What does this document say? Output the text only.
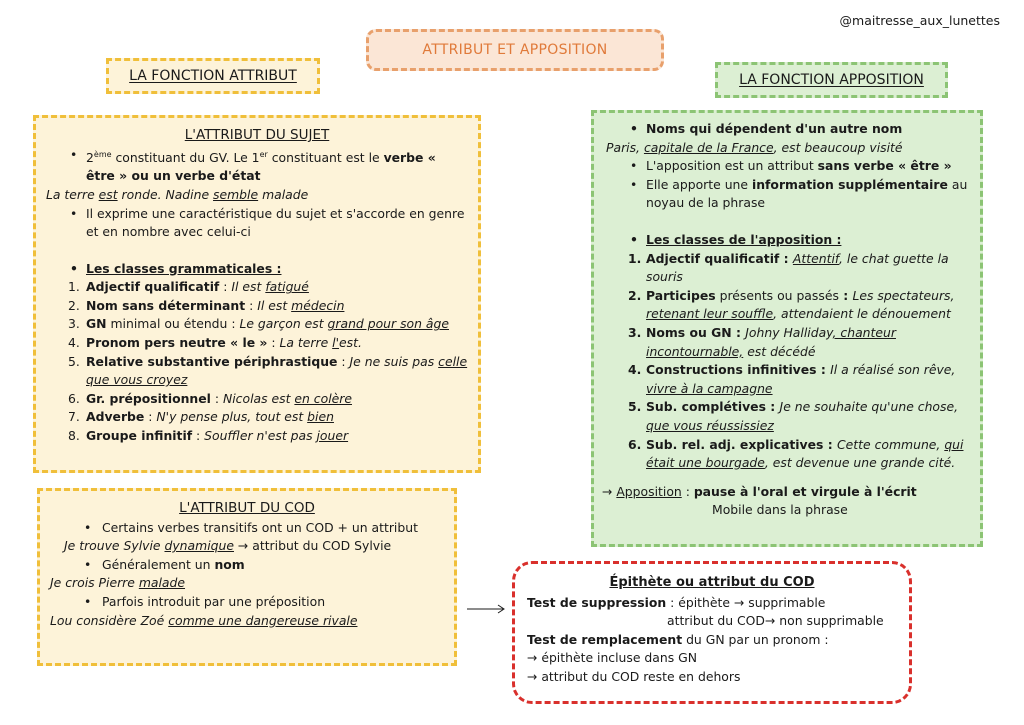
@maitresse_aux_lunettes
ATTRIBUT ET APPOSITION
LA FONCTION ATTRIBUT	LA FONCTION APPOSITION
L'ATTRIBUT DU SUJET
• 2ème constituant du GV. Le 1er constituant est le verbe « être » ou un verbe d'état
La terre est ronde. Nadine semble malade
• Il exprime une caractéristique du sujet et s'accorde en genre et en nombre avec celui-ci
• Les classes grammaticales :
1. Adjectif qualificatif : Il est fatigué
2. Nom sans déterminant : Il est médecin
3. GN minimal ou étendu : Le garçon est grand pour son âge
4. Pronom pers neutre « le » : La terre l'est.
5. Relative substantive périphrastique : Je ne suis pas celle que vous croyez
6. Gr. prépositionnel : Nicolas est en colère
7. Adverbe : N'y pense plus, tout est bien
8. Groupe infinitif : Souffler n'est pas jouer
L'ATTRIBUT DU COD
• Certains verbes transitifs ont un COD + un attribut
Je trouve Sylvie dynamique → attribut du COD Sylvie
• Généralement un nom
Je crois Pierre malade
• Parfois introduit par une préposition
Lou considère Zoé comme une dangereuse rivale
• Noms qui dépendent d'un autre nom
Paris, capitale de la France, est beaucoup visité
• L'apposition est un attribut sans verbe « être »
• Elle apporte une information supplémentaire au noyau de la phrase
• Les classes de l'apposition :
1. Adjectif qualificatif : Attentif, le chat guette la souris
2. Participes présents ou passés : Les spectateurs, retenant leur souffle, attendaient le dénouement
3. Noms ou GN : Johny Halliday, chanteur incontournable, est décédé
4. Constructions infinitives : Il a réalisé son rêve, vivre à la campagne
5. Sub. complétives : Je ne souhaite qu'une chose, que vous réussissiez
6. Sub. rel. adj. explicatives : Cette commune, qui était une bourgade, est devenue une grande cité.
→ Apposition : pause à l'oral et virgule à l'écrit
Mobile dans la phrase
Épithète ou attribut du COD
Test de suppression : épithète → supprimable
attribut du COD→ non supprimable
Test de remplacement du GN par un pronom :
→ épithète incluse dans GN
→ attribut du COD reste en dehors
